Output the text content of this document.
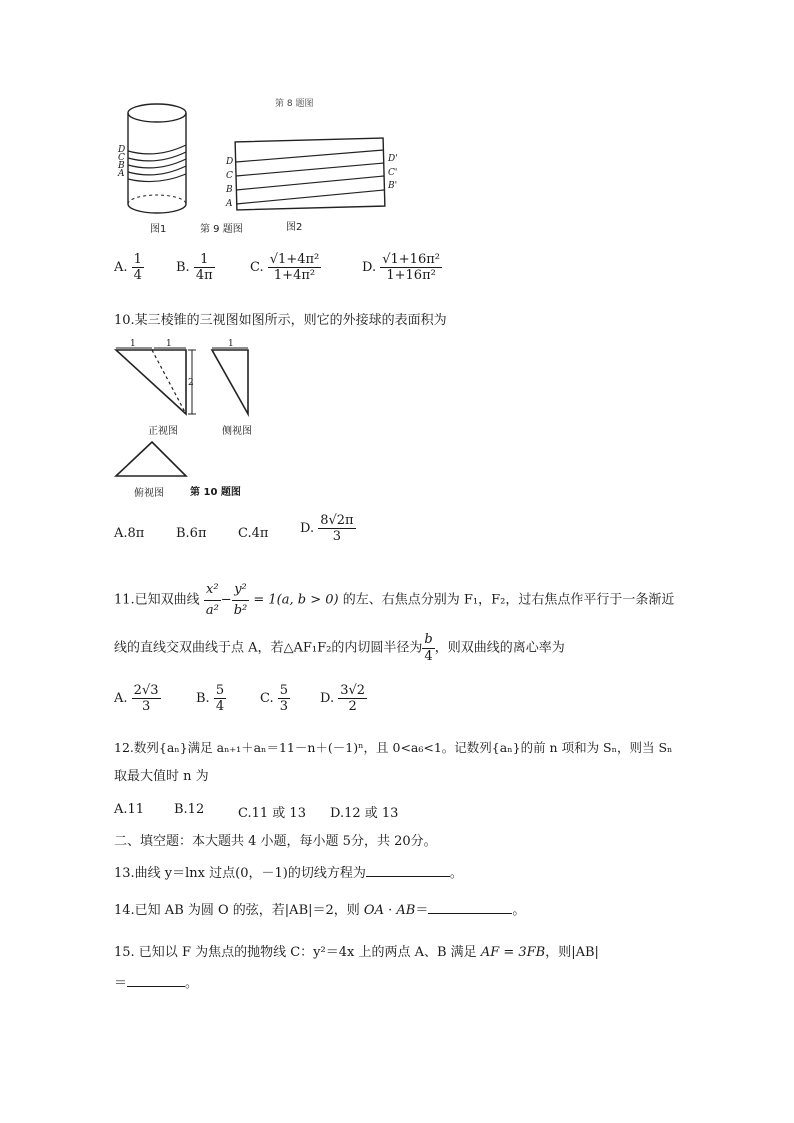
D
C
B
A
D
C
B
A
D'
C'
B'
第 8 题图
图1	第 9 题图	图2
A. $\frac{1}{4} B$. $\frac{1}{4\pi}$	C. $\frac{\text{√1+4π²}}{\text{1+4π²}}$	D. $\frac{\text{√1+16π²}}{\text{1+16π²}}$
10.某三棱锥的三视图如图所示，则它的外接球的表面积为
1	1
2
1
正视图	侧视图
俯视图	第 10 题图
A.8π B.6π C.4π D. $\frac{8√2\pi}{3}$
11.已知双曲线 $\frac{\text{x²}}{\text{a²}} - \frac{\text{y²}}{\text{b²}} = 1(a$, b > 0) 的左、右焦点分别为 F₁，F₂，过右焦点作平行于一条渐近
线的直线交双曲线于点 A，若△AF₁F₂的内切圆半径为 $\frac{b}{4}$ ，则双曲线的离心率为
A. $\frac{2√3}{3}$	B. $\frac{5}{4}$	C. $\frac{5}{3} D$. $\frac{3√2}{2}$
12.数列{aₙ}满足 aₙ₊₁＋aₙ＝11－n＋(－1)ⁿ，且 0<a₆<1。记数列{aₙ}的前 n 项和为 Sₙ，则当 Sₙ
取最大值时 n 为
A.11 B.12	C.11 或 13 D.12 或 13
二、填空题：本大题共 4 小题，每小题 5分，共 20分。
13.曲线 y＝lnx 过点(0，－1)的切线方程为	。
14.已知 AB 为圆 O 的弦，若|AB|＝2，则 OA · AB＝	。
15. 已知以 F 为焦点的抛物线 C：y²＝4x 上的两点 A、B 满足 AF = 3FB，则|AB|
＝	。
